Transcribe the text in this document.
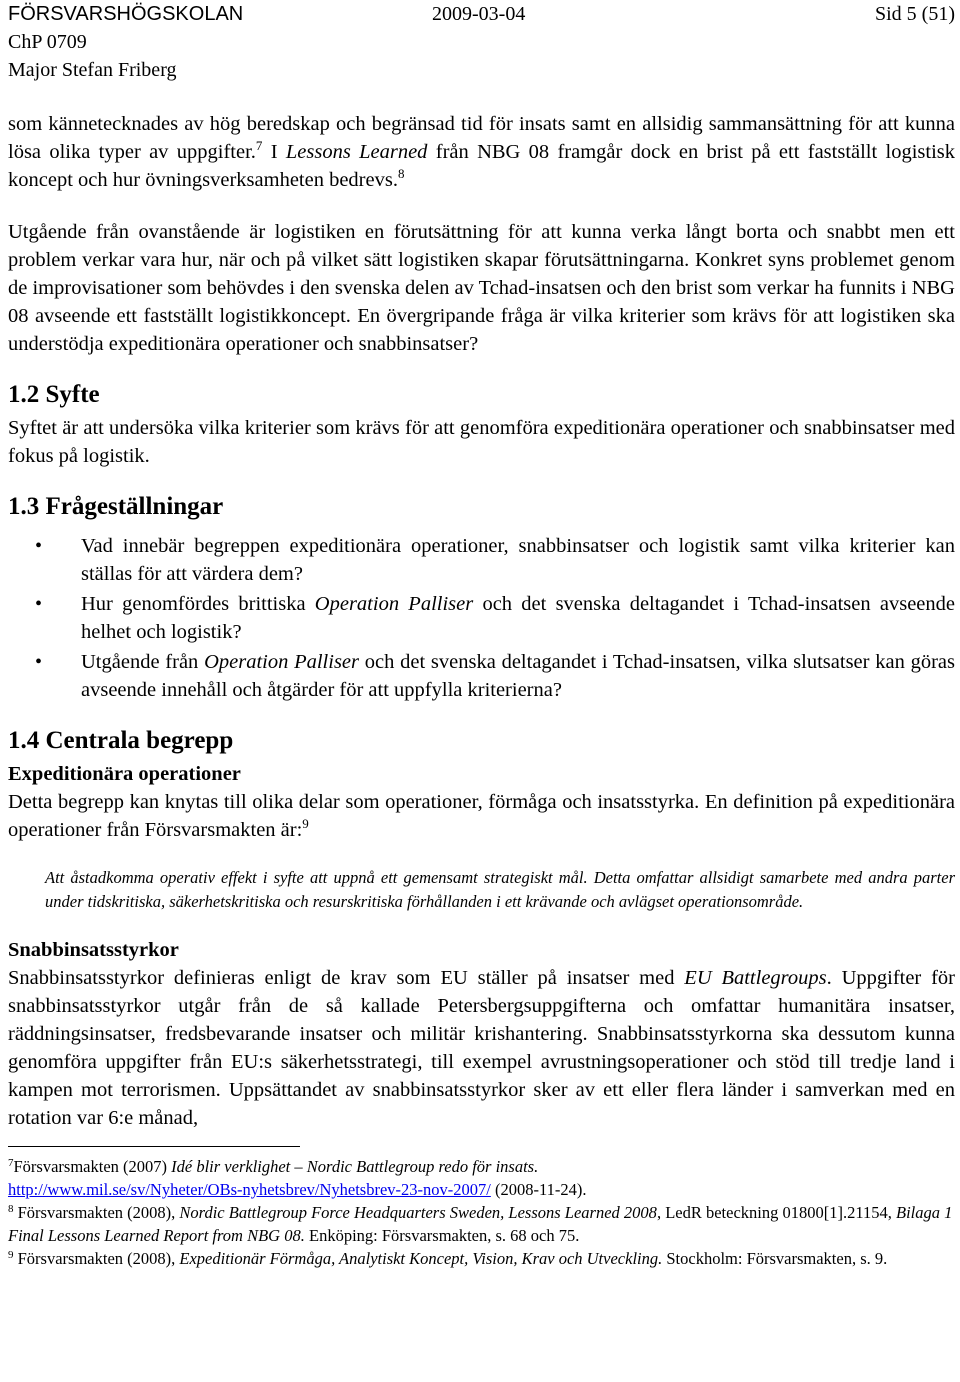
FÖRSVARSHÖGSKOLAN	2009-03-04	Sid 5 (51)
ChP 0709
Major Stefan Friberg

som kännetecknades av hög beredskap och begränsad tid för insats samt en allsidig sammansättning för att kunna lösa olika typer av uppgifter.$^7$ I Lessons Learned från NBG 08 framgår dock en brist på ett fastställt logistisk koncept och hur övningsverksamheten bedrevs.$^8$

Utgående från ovanstående är logistiken en förutsättning för att kunna verka långt borta och snabbt men ett problem verkar vara hur, när och på vilket sätt logistiken skapar förutsättningarna. Konkret syns problemet genom de improvisationer som behövdes i den svenska delen av Tchad-insatsen och den brist som verkar ha funnits i NBG 08 avseende ett fastställt logistikkoncept. En övergripande fråga är vilka kriterier som krävs för att logistiken ska understödja expeditionära operationer och snabbinsatser?

1.2 Syfte

Syftet är att undersöka vilka kriterier som krävs för att genomföra expeditionära operationer och snabbinsatser med fokus på logistik.

1.3 Frågeställningar
• Vad innebär begreppen expeditionära operationer, snabbinsatser och logistik samt vilka kriterier kan ställas för att värdera dem?
• Hur genomfördes brittiska Operation Palliser och det svenska deltagandet i Tchad-insatsen avseende helhet och logistik?
• Utgående från Operation Palliser och det svenska deltagandet i Tchad-insatsen, vilka slutsatser kan göras avseende innehåll och åtgärder för att uppfylla kriterierna?
1.4 Centrala begrepp
Expeditionära operationer

Detta begrepp kan knytas till olika delar som operationer, förmåga och insatsstyrka. En definition på expeditionära operationer från Försvarsmakten är:$^9$

Att åstadkomma operativ effekt i syfte att uppnå ett gemensamt strategiskt mål. Detta omfattar allsidigt samarbete med andra parter under tidskritiska, säkerhetskritiska och resurskritiska förhållanden i ett krävande och avlägset operationsområde.

Snabbinsatsstyrkor

Snabbinsatsstyrkor definieras enligt de krav som EU ställer på insatser med EU Battlegroups. Uppgifter för snabbinsatsstyrkor utgår från de så kallade Petersbergsuppgifterna och omfattar humanitära insatser, räddningsinsatser, fredsbevarande insatser och militär krishantering. Snabbinsatsstyrkorna ska dessutom kunna genomföra uppgifter från EU:s säkerhetsstrategi, till exempel avrustningsoperationer och stöd till tredje land i kampen mot terrorismen. Uppsättandet av snabbinsatsstyrkor sker av ett eller flera länder i samverkan med en rotation var 6:e månad,

$^7$Försvarsmakten (2007) Idé blir verklighet – Nordic Battlegroup redo för insats.
http://www.mil.se/sv/Nyheter/OBs-nyhetsbrev/Nyhetsbrev-23-nov-2007/ (2008-11-24).

$^8$ Försvarsmakten (2008), Nordic Battlegroup Force Headquarters Sweden, Lessons Learned 2008, LedR beteckning 01800[1].21154, Bilaga 1 Final Lessons Learned Report from NBG 08. Enköping: Försvarsmakten, s. 68 och 75.

$^9$ Försvarsmakten (2008), Expeditionär Förmåga, Analytiskt Koncept, Vision, Krav och Utveckling. Stockholm: Försvarsmakten, s. 9.
